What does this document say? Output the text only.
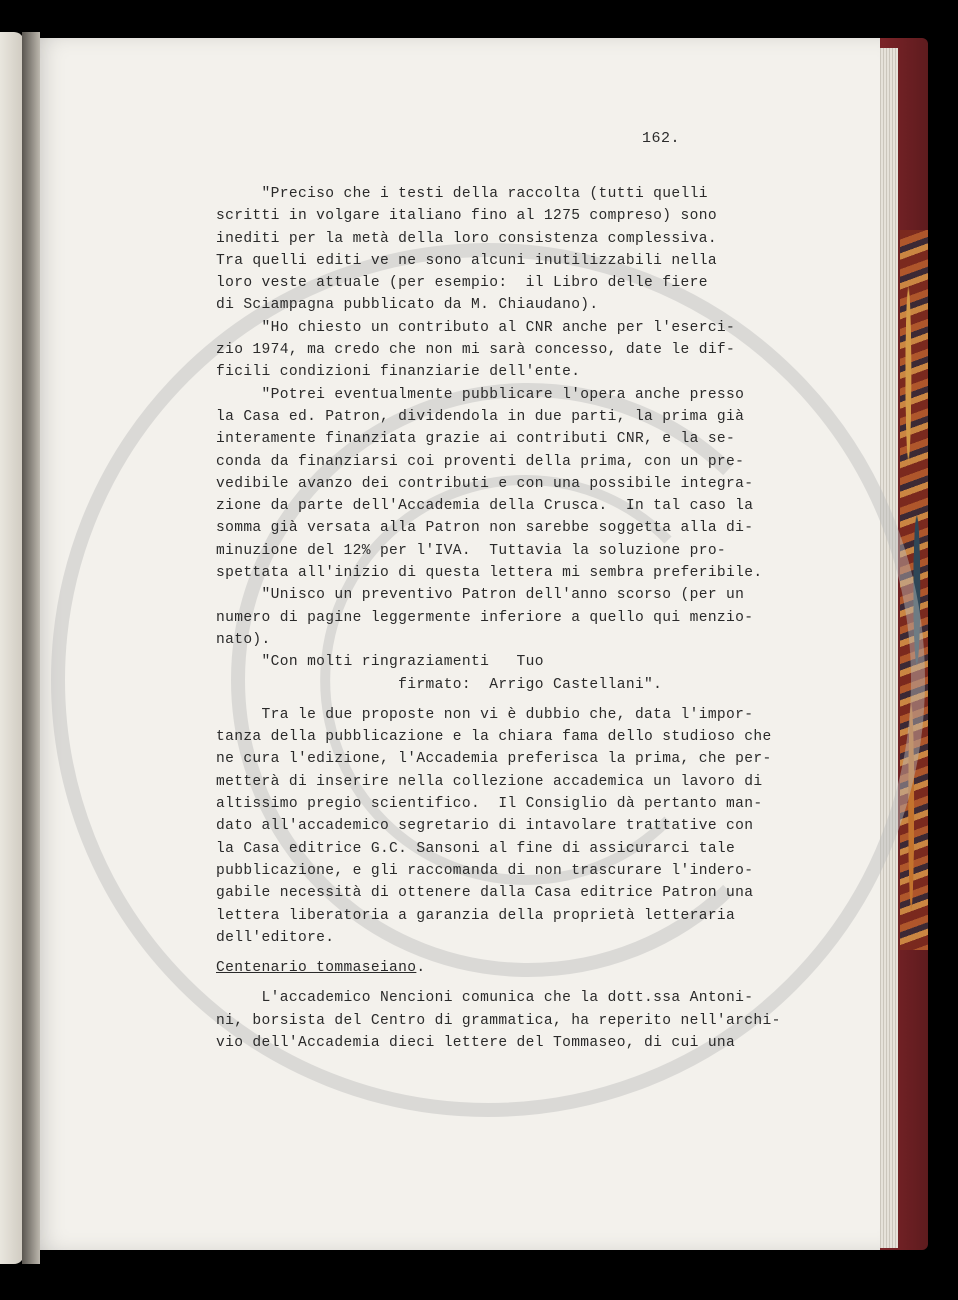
162.
"Preciso che i testi della raccolta (tutti quelli
scritti in volgare italiano fino al 1275 compreso) sono
inediti per la metà della loro consistenza complessiva.
Tra quelli editi ve ne sono alcuni inutilizzabili nella
loro veste attuale (per esempio:  il Libro delle fiere
di Sciampagna pubblicato da M. Chiaudano).
"Ho chiesto un contributo al CNR anche per l'eserci-
zio 1974, ma credo che non mi sarà concesso, date le dif-
ficili condizioni finanziarie dell'ente.
"Potrei eventualmente pubblicare l'opera anche presso
la Casa ed. Patron, dividendola in due parti, la prima già
interamente finanziata grazie ai contributi CNR, e la se-
conda da finanziarsi coi proventi della prima, con un pre-
vedibile avanzo dei contributi e con una possibile integra-
zione da parte dell'Accademia della Crusca.  In tal caso la
somma già versata alla Patron non sarebbe soggetta alla di-
minuzione del 12% per l'IVA.  Tuttavia la soluzione pro-
spettata all'inizio di questa lettera mi sembra preferibile.
"Unisco un preventivo Patron dell'anno scorso (per un
numero di pagine leggermente inferiore a quello qui menzio-
nato).
"Con molti ringraziamenti   Tuo
firmato:  Arrigo Castellani".
Tra le due proposte non vi è dubbio che, data l'impor-
tanza della pubblicazione e la chiara fama dello studioso che
ne cura l'edizione, l'Accademia preferisca la prima, che per-
metterà di inserire nella collezione accademica un lavoro di
altissimo pregio scientifico.  Il Consiglio dà pertanto man-
dato all'accademico segretario di intavolare trattative con
la Casa editrice G.C. Sansoni al fine di assicurarci tale
pubblicazione, e gli raccomanda di non trascurare l'indero-
gabile necessità di ottenere dalla Casa editrice Patron una
lettera liberatoria a garanzia della proprietà letteraria
dell'editore.
Centenario tommaseiano.
L'accademico Nencioni comunica che la dott.ssa Antoni-
ni, borsista del Centro di grammatica, ha reperito nell'archi-
vio dell'Accademia dieci lettere del Tommaseo, di cui una
